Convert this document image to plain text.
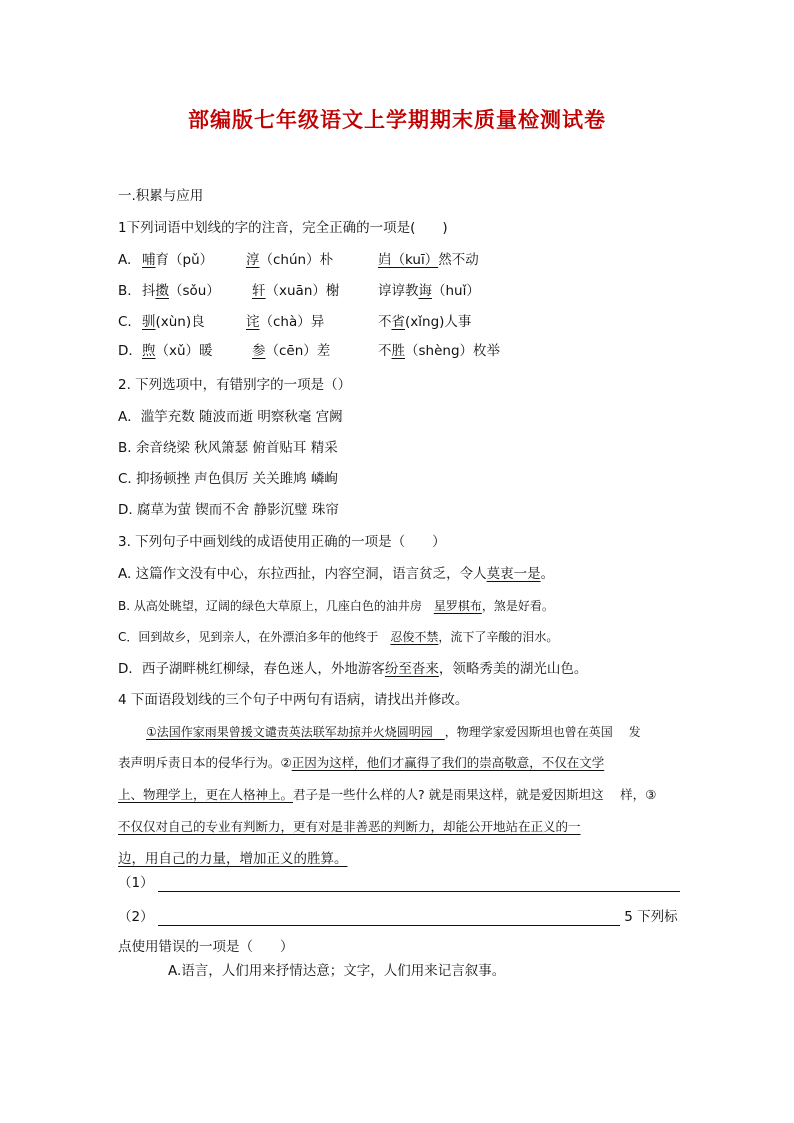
部编版七年级语文上学期期末质量检测试卷
一.积累与应用
1下列词语中划线的字的注音，完全正确的一项是(　　)
A. 哺育（pǔ） 淳（chún）朴	岿（kuī）然不动
B. 抖擞（sǒu） 轩（xuān）榭	谆谆教诲（huǐ）
C. 驯(xùn)良	诧（chà）异	不省(xǐng)人事
D. 煦（xǔ）暖	参（cēn）差	不胜（shèng）枚举
2. 下列选项中，有错别字的一项是（）
A．滥竽充数 随波而逝 明察秋毫 宫阙
B. 余音绕梁 秋风箫瑟 俯首贴耳 精采
C. 抑扬顿挫 声色俱厉 关关雎鸠 嶙峋
D. 腐草为萤 锲而不舍 静影沉璧 珠帘
3. 下列句子中画划线的成语使用正确的一项是（　　）
A. 这篇作文没有中心，东拉西扯，内容空洞，语言贫乏，令人莫衷一是。
B. 从高处眺望，辽阔的绿色大草原上，几座白色的油井房　星罗棋布，煞是好看。
C．回到故乡，见到亲人，在外漂泊多年的他终于　忍俊不禁，流下了辛酸的泪水。
D．西子湖畔桃红柳绿，春色迷人，外地游客纷至沓来，领略秀美的湖光山色。
4 下面语段划线的三个句子中两句有语病，请找出并修改。
①法国作家雨果曾援文谴责英法联军劫掠并火烧圆明园　，物理学家爱因斯坦也曾在英国　 发
表声明斥责日本的侵华行为。②正因为这样，他们才赢得了我们的崇高敬意，不仅在文学
上、物理学上，更在人格神上。君子是一些什么样的人? 就是雨果这样，就是爱因斯坦这　 样，③
不仅仅对自己的专业有判断力，更有对是非善恶的判断力，却能公开地站在正义的一
边，用自己的力量，增加正义的胜算。
（1）
（2）	5 下列标
点使用错误的一项是（　　）
A.语言，人们用来抒情达意；文字，人们用来记言叙事。
